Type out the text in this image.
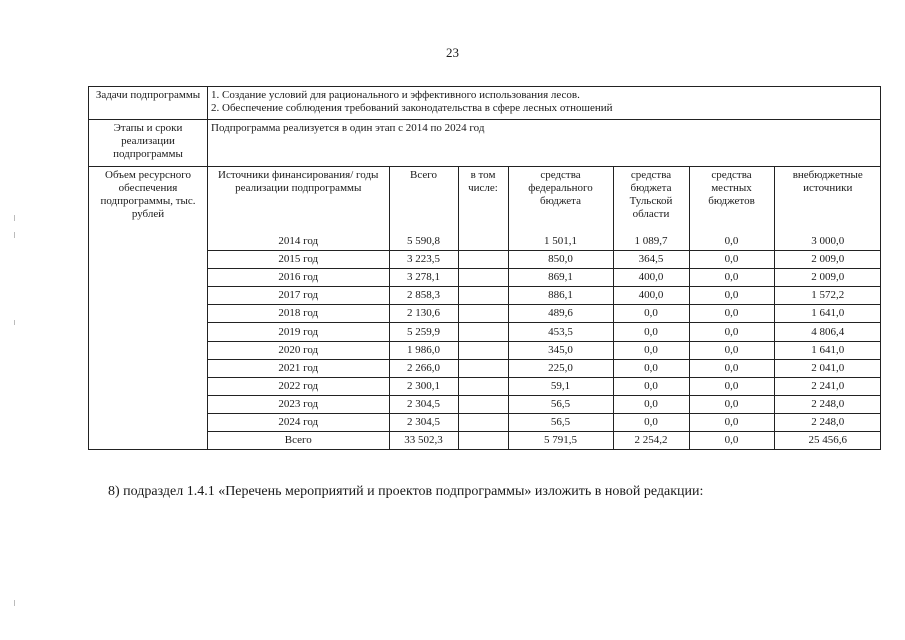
23
Задачи подпрограммы	1. Создание условий для рационального и эффективного использования лесов.
2. Обеспечение соблюдения требований законодательства в сфере лесных отношений

Этапы и сроки реализации подпрограммы	Подпрограмма реализуется в один этап с 2014 по 2024 год
Объем ресурсного обеспечения подпрограммы, тыс. рублей	
Источники финансирования/ годы реализации подпрограммы	Всего	в том числе:	средства федерального бюджета	средства бюджета Тульской области	средства местных бюджетов	внебюджетные источники
2014 год	5 590,8		1 501,1	1 089,7	0,0	3 000,0
2015 год	3 223,5		850,0	364,5	0,0	2 009,0
2016 год	3 278,1		869,1	400,0	0,0	2 009,0
2017 год	2 858,3		886,1	400,0	0,0	1 572,2
2018 год	2 130,6		489,6	0,0	0,0	1 641,0
2019 год	5 259,9		453,5	0,0	0,0	4 806,4
2020 год	1 986,0		345,0	0,0	0,0	1 641,0
2021 год	2 266,0		225,0	0,0	0,0	2 041,0
2022 год	2 300,1		59,1	0,0	0,0	2 241,0
2023 год	2 304,5		56,5	0,0	0,0	2 248,0
2024 год	2 304,5		56,5	0,0	0,0	2 248,0
Всего	33 502,3		5 791,5	2 254,2	0,0	25 456,6
8) подраздел 1.4.1 «Перечень мероприятий и проектов подпрограммы» изложить в новой редакции:
